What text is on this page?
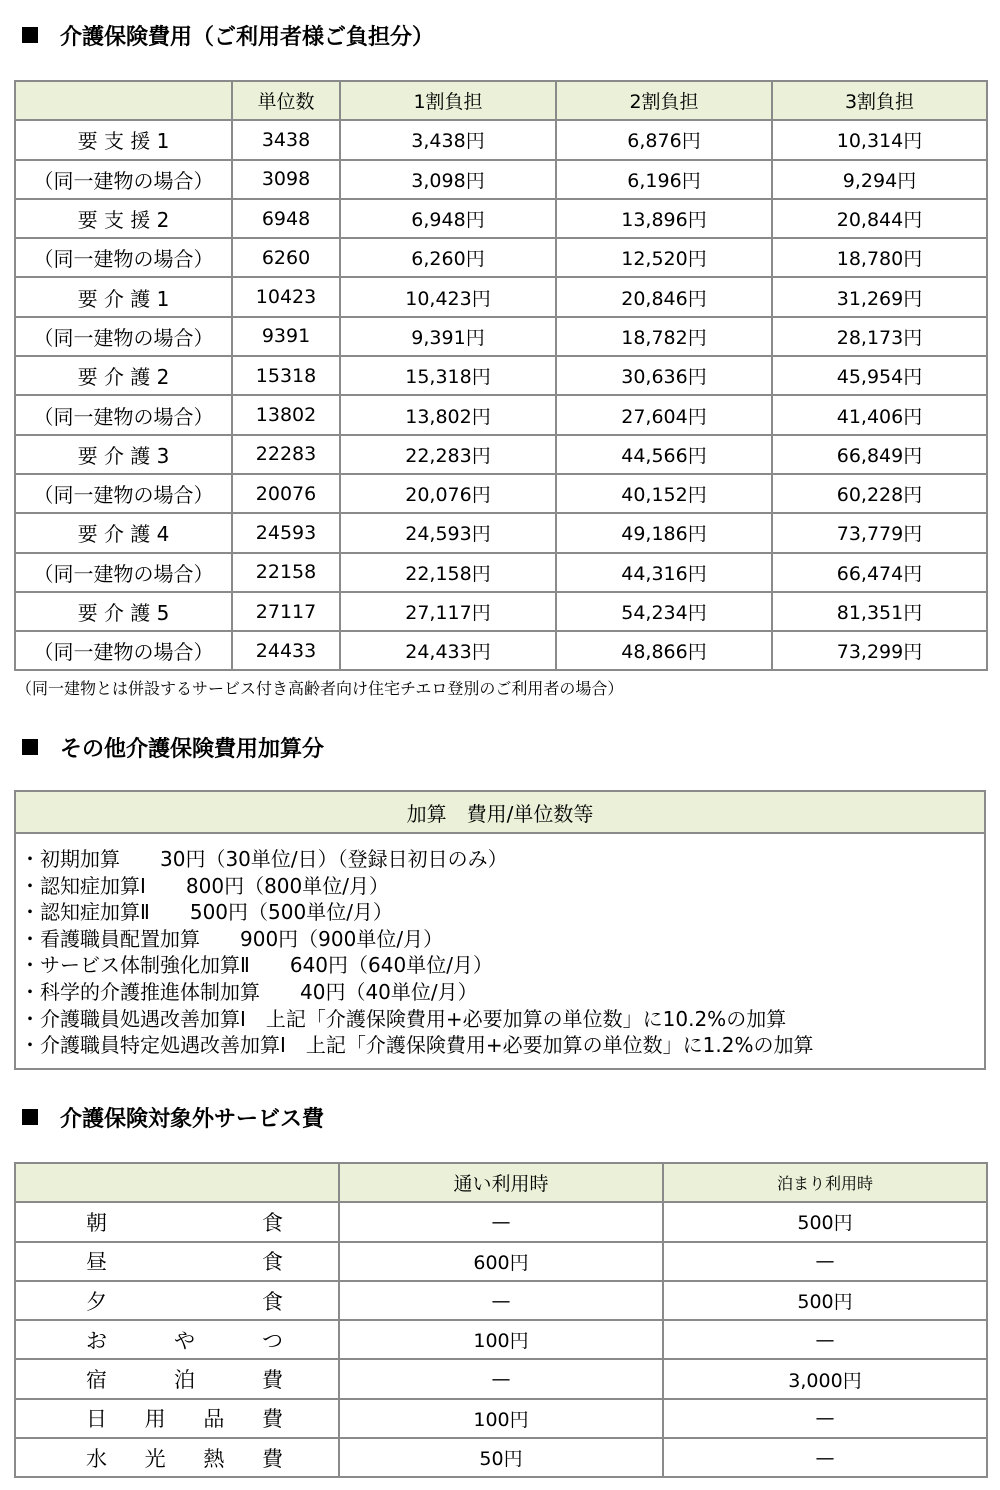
介護保険費用（ご利用者様ご負担分）
	単位数	1割負担	2割負担	3割負担
要 支 援 1	3438	3,438円	6,876円	10,314円
（同一建物の場合）	3098	3,098円	6,196円	9,294円
要 支 援 2	6948	6,948円	13,896円	20,844円
（同一建物の場合）	6260	6,260円	12,520円	18,780円
要 介 護 1	10423	10,423円	20,846円	31,269円
（同一建物の場合）	9391	9,391円	18,782円	28,173円
要 介 護 2	15318	15,318円	30,636円	45,954円
（同一建物の場合）	13802	13,802円	27,604円	41,406円
要 介 護 3	22283	22,283円	44,566円	66,849円
（同一建物の場合）	20076	20,076円	40,152円	60,228円
要 介 護 4	24593	24,593円	49,186円	73,779円
（同一建物の場合）	22158	22,158円	44,316円	66,474円
要 介 護 5	27117	27,117円	54,234円	81,351円
（同一建物の場合）	24433	24,433円	48,866円	73,299円
（同一建物とは併設するサービス付き高齢者向け住宅チエロ登別のご利用者の場合）
その他介護保険費用加算分
加算　費用/単位数等
・初期加算　　30円（30単位/日）（登録日初日のみ）
・認知症加算Ⅰ　　800円（800単位/月）
・認知症加算Ⅱ　　500円（500単位/月）
・看護職員配置加算　　900円（900単位/月）
・サービス体制強化加算Ⅱ　　640円（640単位/月）
・科学的介護推進体制加算　　40円（40単位/月）
・介護職員処遇改善加算Ⅰ　上記「介護保険費用+必要加算の単位数」に10.2%の加算
・介護職員特定処遇改善加算Ⅰ　上記「介護保険費用+必要加算の単位数」に1.2%の加算
介護保険対象外サービス費
	通い利用時	泊まり利用時

朝 食	—	500円

昼 食	600円	—

夕 食	—	500円

お や つ	100円	—

宿 泊 費	—	3,000円

日 用 品 費	100円	—

水 光 熱 費	50円	—
